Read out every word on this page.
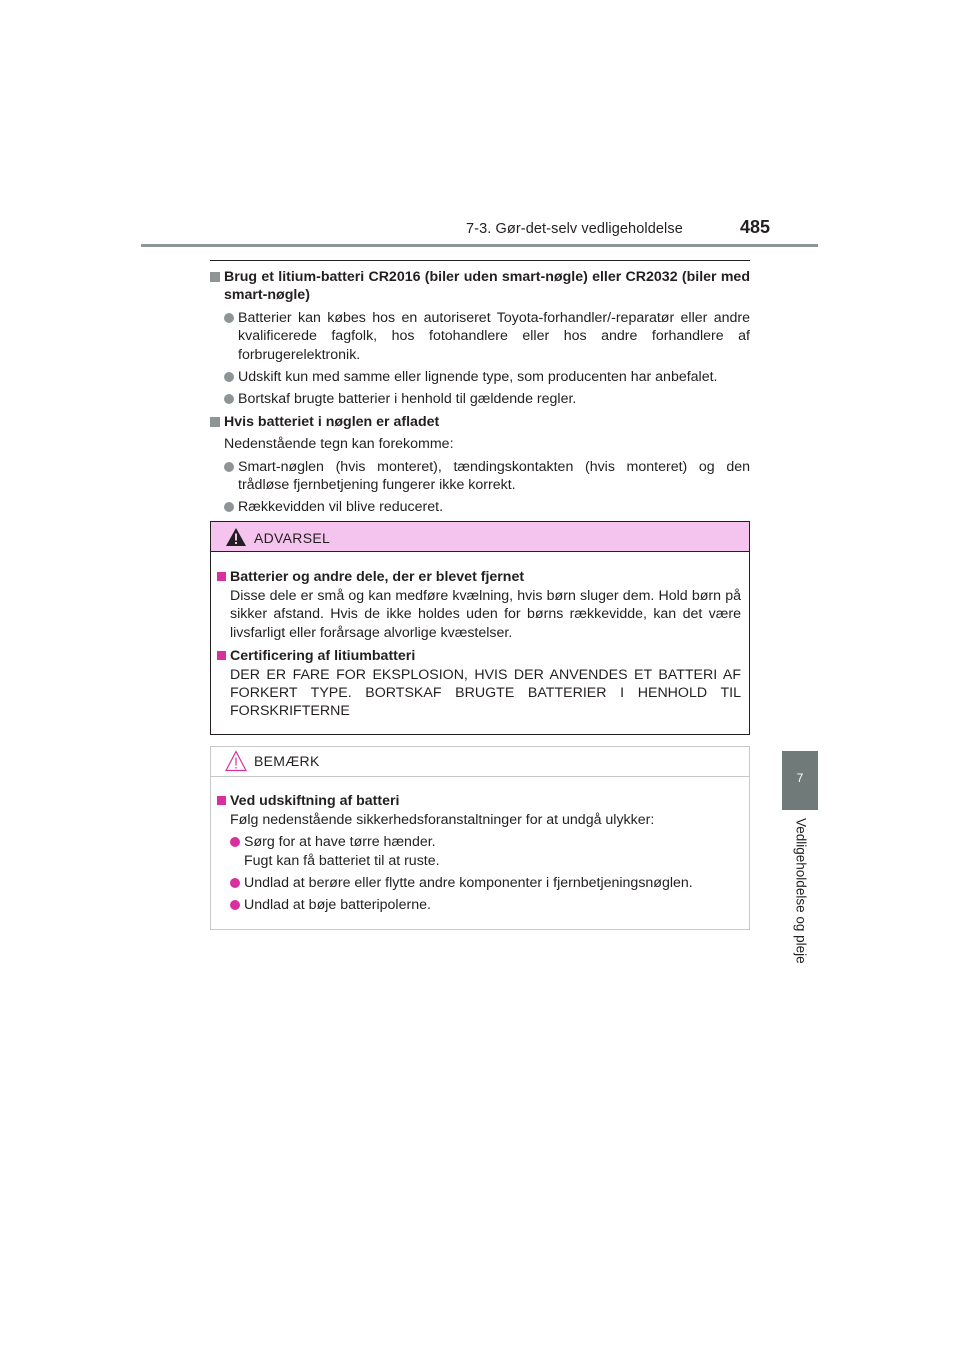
7-3. Gør-det-selv vedligeholdelse	485
7
Vedligeholdelse og pleje
Brug et litium-batteri CR2016 (biler uden smart-nøgle) eller CR2032 (biler med smart-nøgle)
Batterier kan købes hos en autoriseret Toyota-forhandler/-reparatør eller andre kvalificerede fagfolk, hos fotohandlere eller hos andre forhandlere af forbrugerelektronik.
Udskift kun med samme eller lignende type, som producenten har anbefalet.
Bortskaf brugte batterier i henhold til gældende regler.
Hvis batteriet i nøglen er afladet
Nedenstående tegn kan forekomme:
Smart-nøglen (hvis monteret), tændingskontakten (hvis monteret) og den trådløse fjernbetjening fungerer ikke korrekt.
Rækkevidden vil blive reduceret.
ADVARSEL
Batterier og andre dele, der er blevet fjernet
Disse dele er små og kan medføre kvælning, hvis børn sluger dem. Hold børn på sikker afstand. Hvis de ikke holdes uden for børns rækkevidde, kan det være livsfarligt eller forårsage alvorlige kvæstelser.
Certificering af litiumbatteri
DER ER FARE FOR EKSPLOSION, HVIS DER ANVENDES ET BATTERI AF FORKERT TYPE. BORTSKAF BRUGTE BATTERIER I HENHOLD TIL FORSKRIFTERNE
BEMÆRK
Ved udskiftning af batteri
Følg nedenstående sikkerhedsforanstaltninger for at undgå ulykker:
Sørg for at have tørre hænder.
Fugt kan få batteriet til at ruste.
Undlad at berøre eller flytte andre komponenter i fjernbetjeningsnøglen.
Undlad at bøje batteripolerne.
